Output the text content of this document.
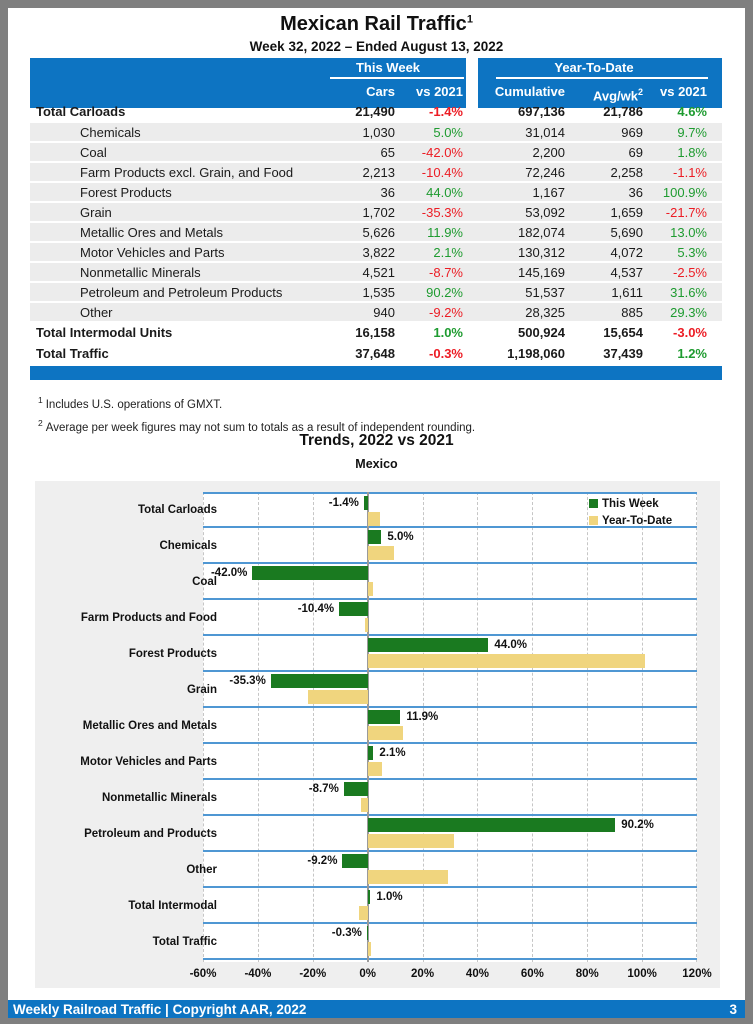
Mexican Rail Traffic$^1$
Week 32, 2022 – Ended August 13, 2022
This Week	Year-To-Date
Cars	vs 2021	Cumulative	Avg/$wk^2$	vs 2021
Total Carloads	21,490	-1.4%	697,136	21,786	4.6%
Chemicals	1,030	5.0%	31,014	969	9.7%
Coal	65	-42.0%	2,200	69	1.8%
Farm Products excl. Grain, and Food	2,213	-10.4%	72,246	2,258	-1.1%
Forest Products	36	44.0%	1,167	36	100.9%
Grain	1,702	-35.3%	53,092	1,659	-21.7%
Metallic Ores and Metals	5,626	11.9%	182,074	5,690	13.0%
Motor Vehicles and Parts	3,822	2.1%	130,312	4,072	5.3%
Nonmetallic Minerals	4,521	-8.7%	145,169	4,537	-2.5%
Petroleum and Petroleum Products	1,535	90.2%	51,537	1,611	31.6%
Other	940	-9.2%	28,325	885	29.3%
Total Intermodal Units	16,158	1.0%	500,924	15,654	-3.0%
Total Traffic	37,648	-0.3%	1,198,060	37,439	1.2%
$^1$ Includes U.S. operations of GMXT.
$^2$ Average per week figures may not sum to totals as a result of independent rounding.
Trends, 2022 vs 2021
Mexico
-1.4%
5.0%
-42.0%
-10.4%
44.0%
-35.3%
11.9%
2.1%
-8.7%
90.2%
-9.2%
1.0%
-0.3%
This Week
Year-To-Date
Total Carloads
Chemicals
Coal
Farm Products and Food
Forest Products
Grain
Metallic Ores and Metals
Motor Vehicles and Parts
Nonmetallic Minerals
Petroleum and Products
Other
Total Intermodal
Total Traffic
-60% -40% -20%	0%	20%	40%	60%	80% 100% 120%
Weekly Railroad Traffic | Copyright AAR, 2022	3
